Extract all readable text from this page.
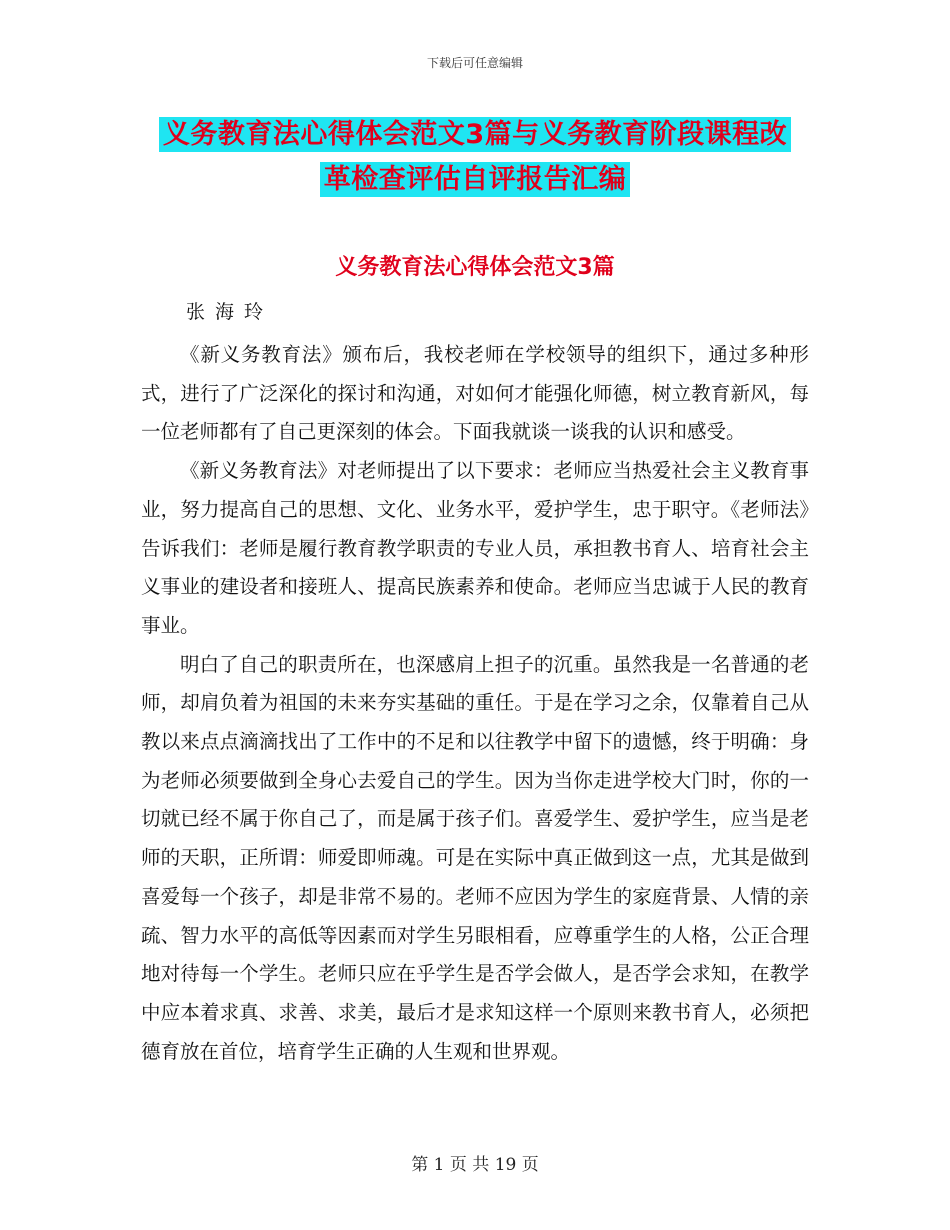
下载后可任意编辑
义务教育法心得体会范文3篇与义务教育阶段课程改
革检查评估自评报告汇编
义务教育法心得体会范文3篇
张海玲

《新义务教育法》颁布后，我校老师在学校领导的组织下，通过多种形式，进行了广泛深化的探讨和沟通，对如何才能强化师德，树立教育新风，每一位老师都有了自己更深刻的体会。下面我就谈一谈我的认识和感受。

《新义务教育法》对老师提出了以下要求：老师应当热爱社会主义教育事业，努力提高自己的思想、文化、业务水平，爱护学生，忠于职守。《老师法》告诉我们：老师是履行教育教学职责的专业人员，承担教书育人、培育社会主义事业的建设者和接班人、提高民族素养和使命。老师应当忠诚于人民的教育事业。

明白了自己的职责所在，也深感肩上担子的沉重。虽然我是一名普通的老师，却肩负着为祖国的未来夯实基础的重任。于是在学习之余，仅靠着自己从教以来点点滴滴找出了工作中的不足和以往教学中留下的遗憾，终于明确：身为老师必须要做到全身心去爱自己的学生。因为当你走进学校大门时，你的一切就已经不属于你自己了，而是属于孩子们。喜爱学生、爱护学生，应当是老师的天职，正所谓：师爱即师魂。可是在实际中真正做到这一点，尤其是做到喜爱每一个孩子，却是非常不易的。老师不应因为学生的家庭背景、人情的亲疏、智力水平的高低等因素而对学生另眼相看，应尊重学生的人格，公正合理地对待每一个学生。老师只应在乎学生是否学会做人，是否学会求知，在教学中应本着求真、求善、求美，最后才是求知这样一个原则来教书育人，必须把德育放在首位，培育学生正确的人生观和世界观。

第 1 页 共 19 页
